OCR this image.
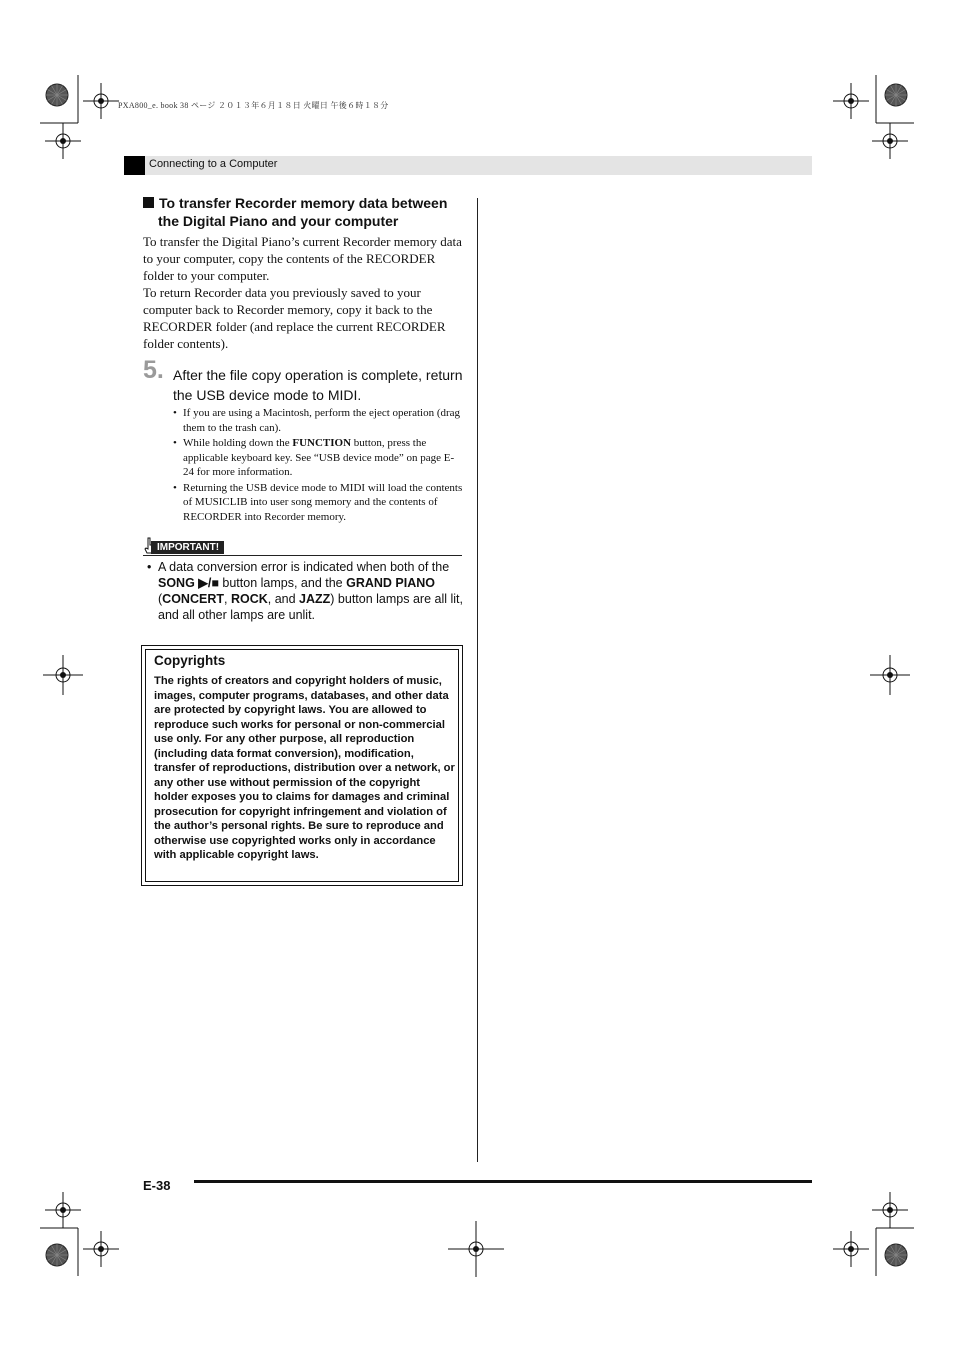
PXA800_e. book 38 ページ ２０１３年６月１８日 火曜日 午後６時１８分
Connecting to a Computer
To transfer Recorder memory data between
the Digital Piano and your computer

To transfer the Digital Piano’s current Recorder memory data to your computer, copy the contents of the RECORDER folder to your computer.

To return Recorder data you previously saved to your computer back to Recorder memory, copy it back to the RECORDER folder (and replace the current RECORDER folder contents).

5. After the file copy operation is complete, return the USB device mode to MIDI.
• If you are using a Macintosh, perform the eject operation (drag them to the trash can).
• While holding down the FUNCTION button, press the applicable keyboard key. See “USB device mode” on page E-24 for more information.
• Returning the USB device mode to MIDI will load the contents of MUSICLIB into user song memory and the contents of RECORDER into Recorder memory.
IMPORTANT!
• A data conversion error is indicated when both of the SONG ▶/■ button lamps, and the GRAND PIANO (CONCERT, ROCK, and JAZZ) button lamps are all lit, and all other lamps are unlit.
Copyrights
The rights of creators and copyright holders of music, images, computer programs, databases, and other data are protected by copyright laws. You are allowed to reproduce such works for personal or non-commercial use only. For any other purpose, all reproduction (including data format conversion), modification, transfer of reproductions, distribution over a network, or any other use without permission of the copyright holder exposes you to claims for damages and criminal prosecution for copyright infringement and violation of the author’s personal rights. Be sure to reproduce and otherwise use copyrighted works only in accordance with applicable copyright laws.
E-38
